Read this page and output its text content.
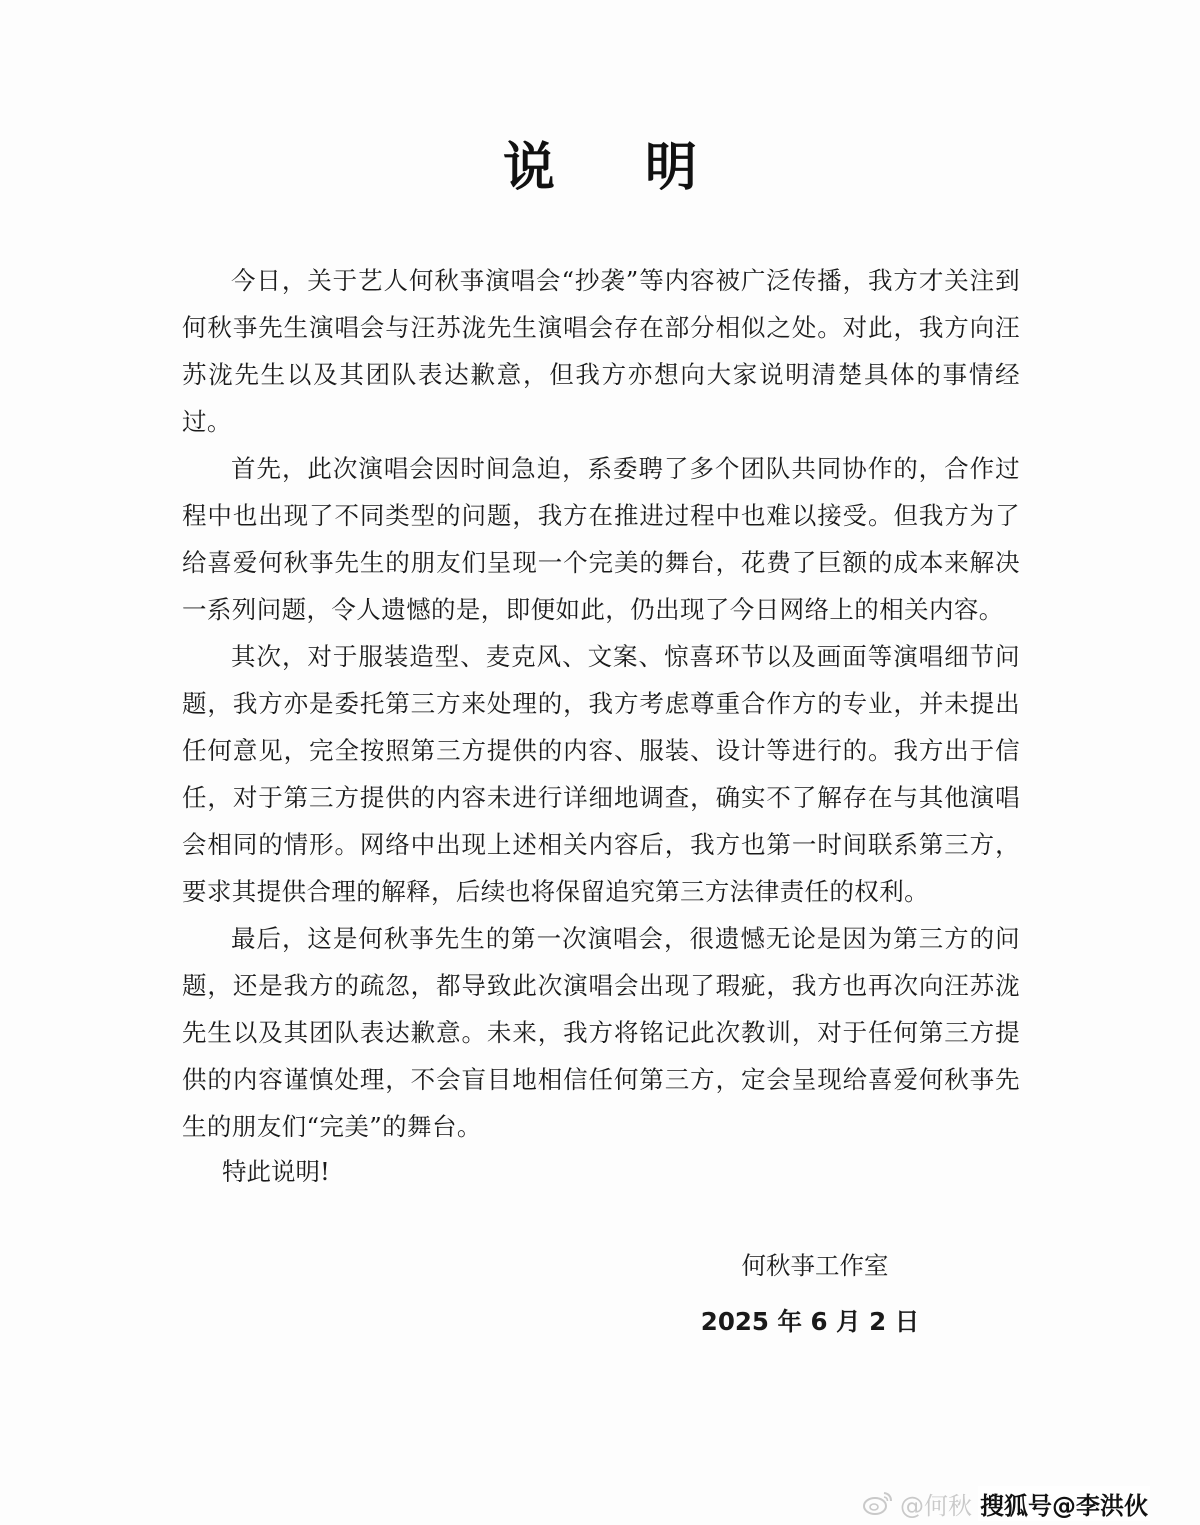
说 明

今日，关于艺人何秋亊演唱会“抄袭”等内容被广泛传播，我方才关注到何秋亊先生演唱会与汪苏泷先生演唱会存在部分相似之处。对此，我方向汪苏泷先生以及其团队表达歉意，但我方亦想向大家说明清楚具体的事情经过。

首先，此次演唱会因时间急迫，系委聘了多个团队共同协作的，合作过程中也出现了不同类型的问题，我方在推进过程中也难以接受。但我方为了给喜爱何秋亊先生的朋友们呈现一个完美的舞台，花费了巨额的成本来解决一系列问题，令人遗憾的是，即便如此，仍出现了今日网络上的相关内容。

其次，对于服装造型、麦克风、文案、惊喜环节以及画面等演唱细节问题，我方亦是委托第三方来处理的，我方考虑尊重合作方的专业，并未提出任何意见，完全按照第三方提供的内容、服装、设计等进行的。我方出于信任，对于第三方提供的内容未进行详细地调查，确实不了解存在与其他演唱会相同的情形。网络中出现上述相关内容后，我方也第一时间联系第三方，要求其提供合理的解释，后续也将保留追究第三方法律责任的权利。

最后，这是何秋亊先生的第一次演唱会，很遗憾无论是因为第三方的问题，还是我方的疏忽，都导致此次演唱会出现了瑕疵，我方也再次向汪苏泷先生以及其团队表达歉意。未来，我方将铭记此次教训，对于任何第三方提供的内容谨慎处理，不会盲目地相信任何第三方，定会呈现给喜爱何秋亊先生的朋友们“完美”的舞台。

特此说明!
何秋亊工作室
2025 年 6 月 2 日
@何秋 搜狐号@李洪伙
